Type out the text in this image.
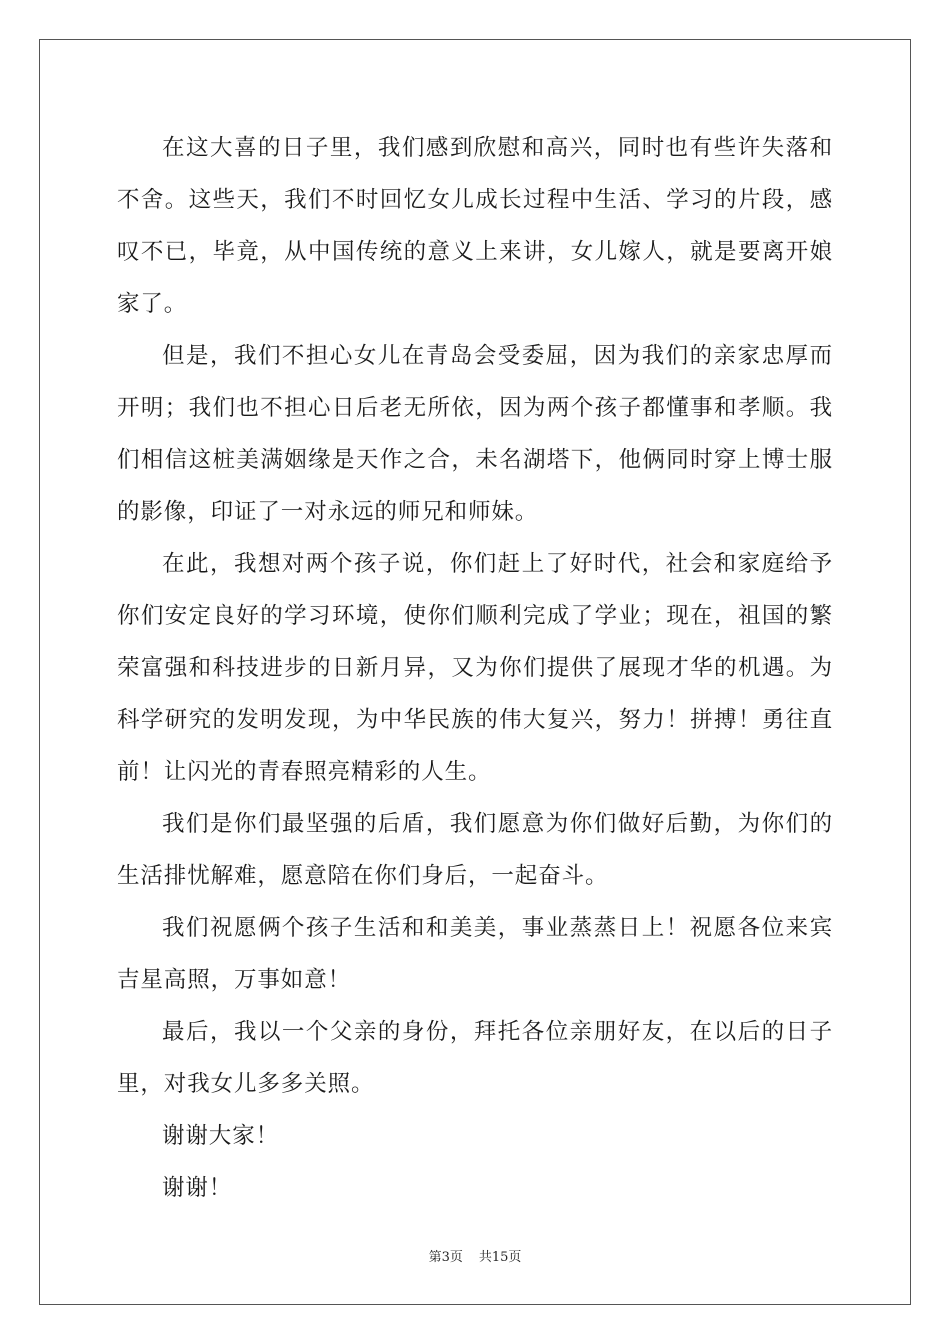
在这大喜的日子里，我们感到欣慰和高兴，同时也有些许失落和不舍。这些天，我们不时回忆女儿成长过程中生活、学习的片段，感叹不已，毕竟，从中国传统的意义上来讲，女儿嫁人，就是要离开娘家了。

但是，我们不担心女儿在青岛会受委屈，因为我们的亲家忠厚而开明；我们也不担心日后老无所依，因为两个孩子都懂事和孝顺。我们相信这桩美满姻缘是天作之合，未名湖塔下，他俩同时穿上博士服的影像，印证了一对永远的师兄和师妹。

在此，我想对两个孩子说，你们赶上了好时代，社会和家庭给予你们安定良好的学习环境，使你们顺利完成了学业；现在，祖国的繁荣富强和科技进步的日新月异，又为你们提供了展现才华的机遇。为科学研究的发明发现，为中华民族的伟大复兴，努力！拼搏！勇往直前！让闪光的青春照亮精彩的人生。

我们是你们最坚强的后盾，我们愿意为你们做好后勤，为你们的生活排忧解难，愿意陪在你们身后，一起奋斗。

我们祝愿俩个孩子生活和和美美，事业蒸蒸日上！祝愿各位来宾吉星高照，万事如意！

最后，我以一个父亲的身份，拜托各位亲朋好友，在以后的日子里，对我女儿多多关照。

谢谢大家！

谢谢！

第3页 共15页
